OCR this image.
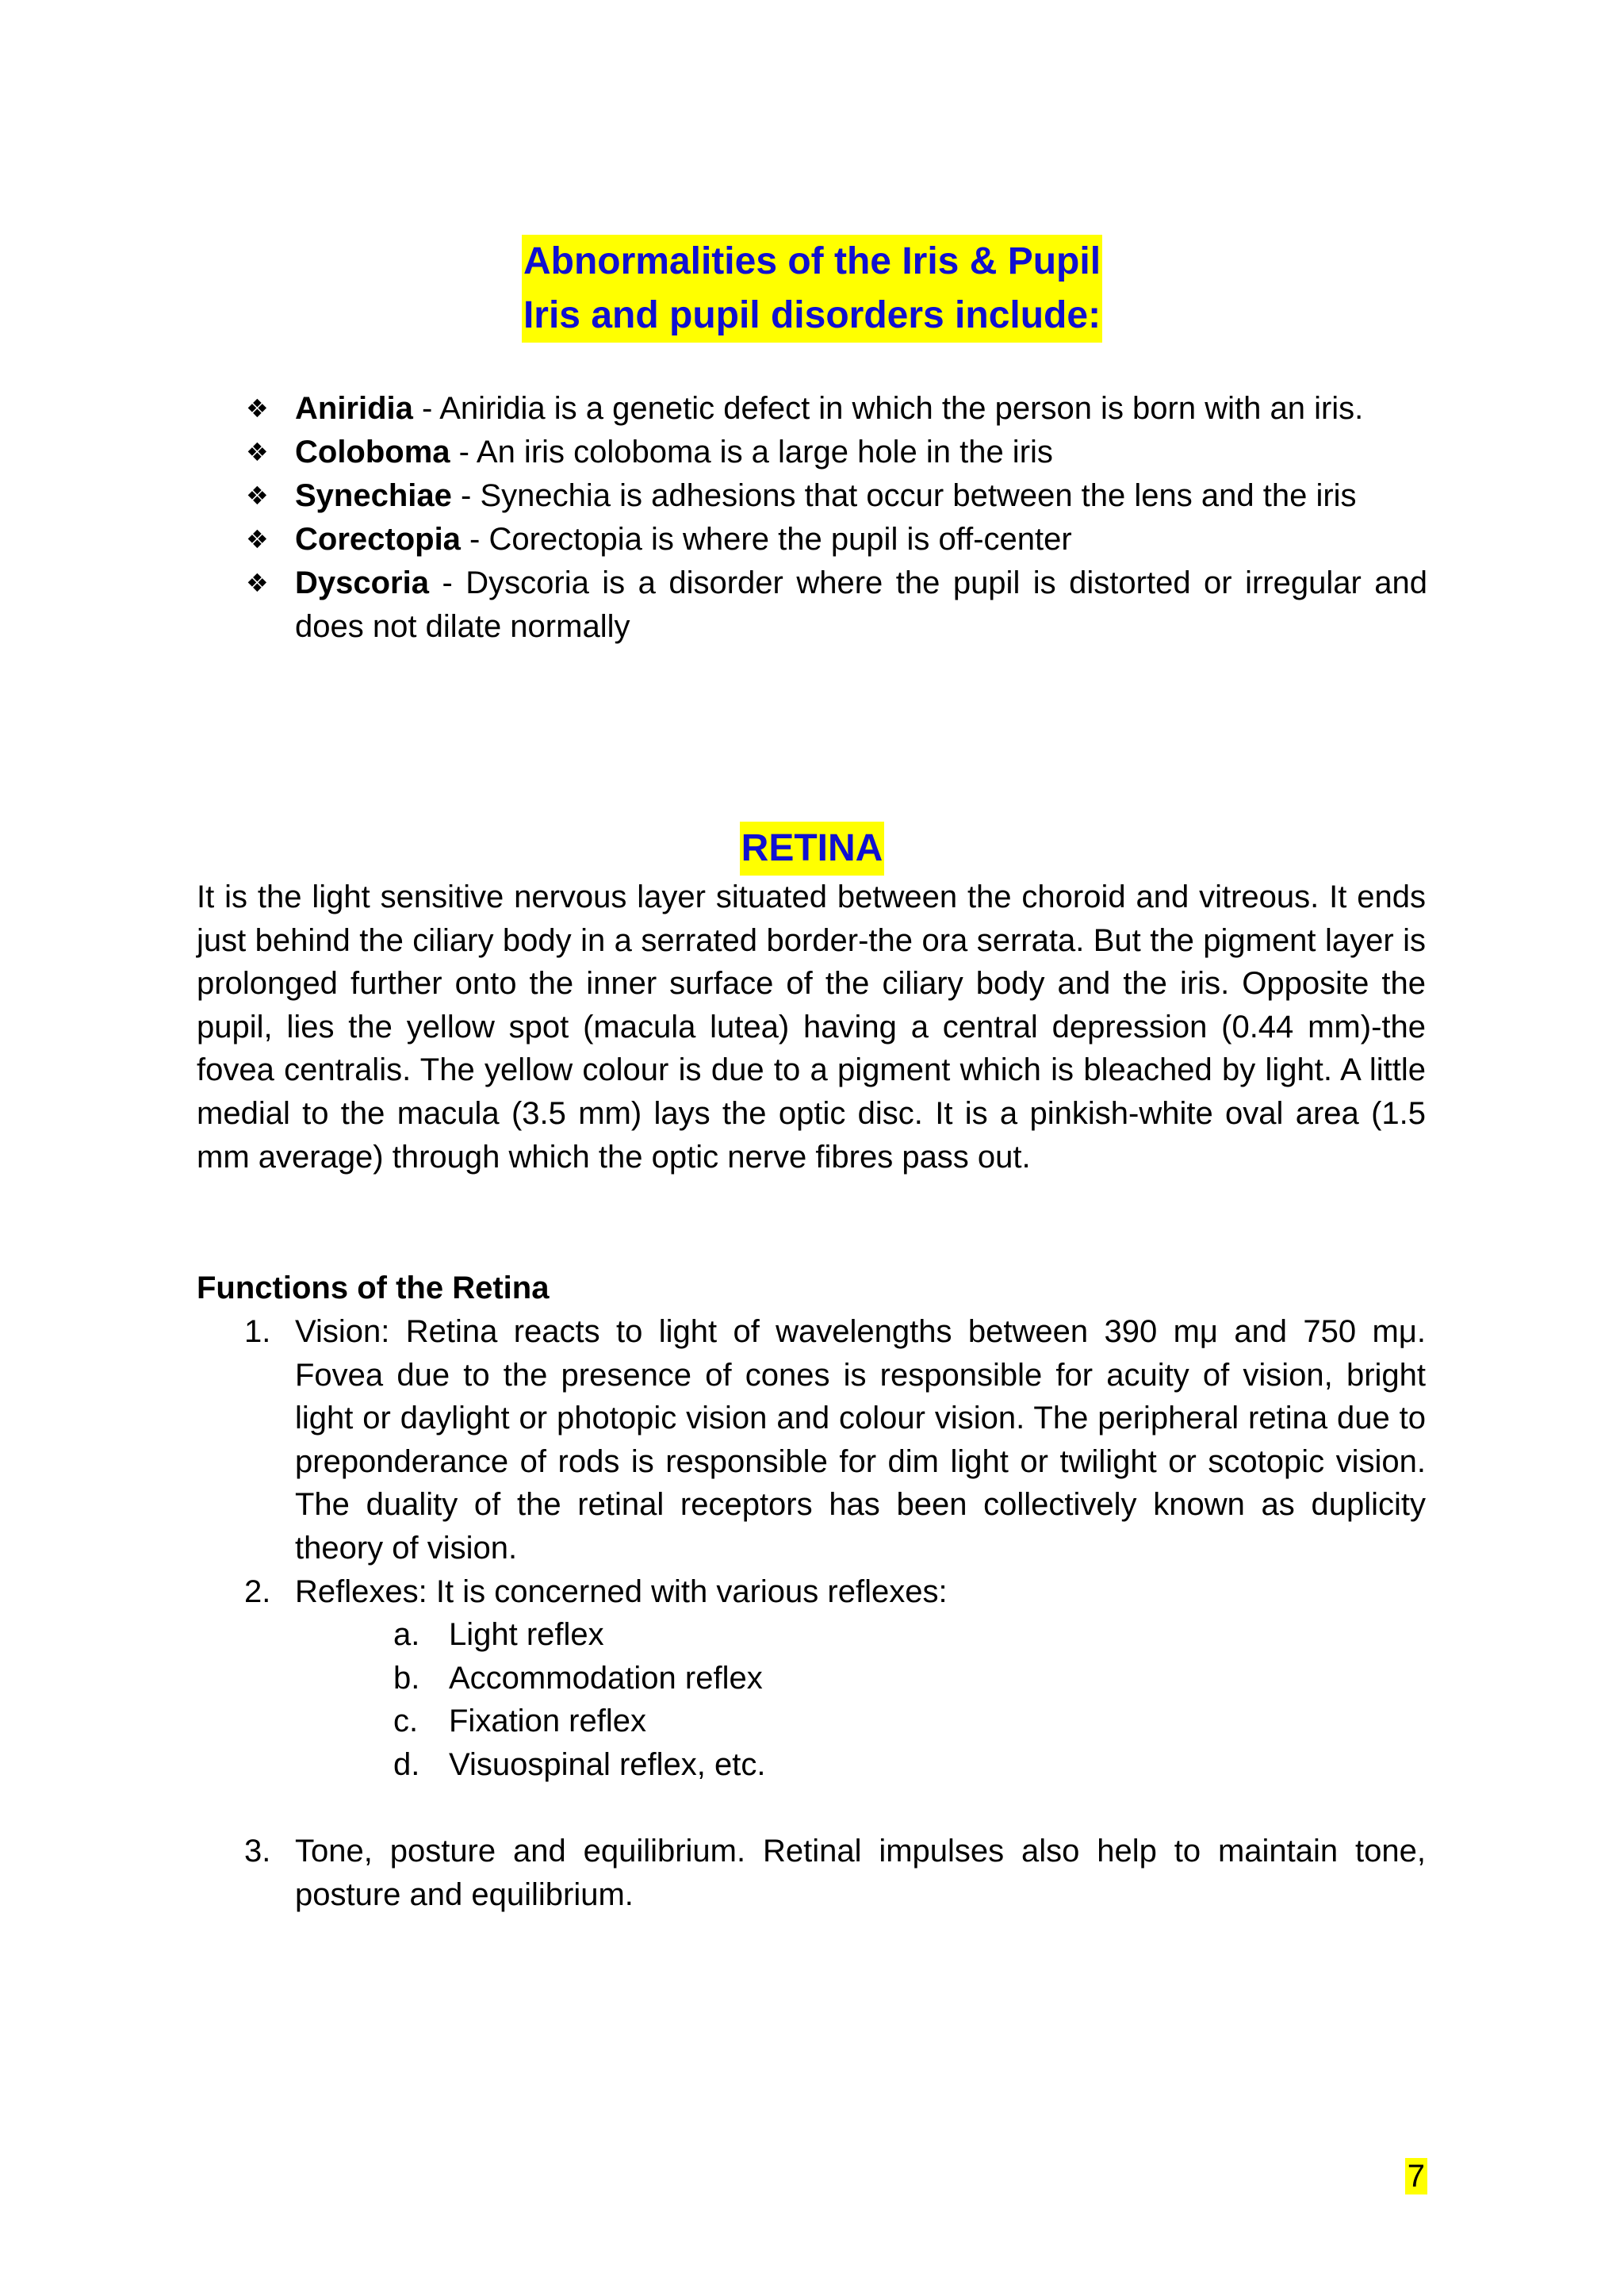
Abnormalities of the Iris & Pupil
Iris and pupil disorders include:
❖ Aniridia - Aniridia is a genetic defect in which the person is born with an iris.
❖ Coloboma - An iris coloboma is a large hole in the iris
❖ Synechiae - Synechia is adhesions that occur between the lens and the iris
❖ Corectopia - Corectopia is where the pupil is off-center
❖ Dyscoria - Dyscoria is a disorder where the pupil is distorted or irregular and does not dilate normally
RETINA
It is the light sensitive nervous layer situated between the choroid and vitreous. It ends just behind the ciliary body in a serrated border-the ora serrata. But the pigment layer is prolonged further onto the inner surface of the ciliary body and the iris. Opposite the pupil, lies the yellow spot (macula lutea) having a central depression (0.44 mm)-the fovea centralis. The yellow colour is due to a pigment which is bleached by light. A little medial to the macula (3.5 mm) lays the optic disc. It is a pinkish-white oval area (1.5 mm average) through which the optic nerve fibres pass out.
Functions of the Retina
1. Vision: Retina reacts to light of wavelengths between 390 mμ and 750 mμ. Fovea due to the presence of cones is responsible for acuity of vision, bright light or daylight or photopic vision and colour vision. The peripheral retina due to preponderance of rods is responsible for dim light or twilight or scotopic vision. The duality of the retinal receptors has been collectively known as duplicity theory of vision.
2. Reflexes: It is concerned with various reflexes:
a. Light reflex
b. Accommodation reflex
c. Fixation reflex
d. Visuospinal reflex, etc.
3. Tone, posture and equilibrium. Retinal impulses also help to maintain tone, posture and equilibrium.
7
